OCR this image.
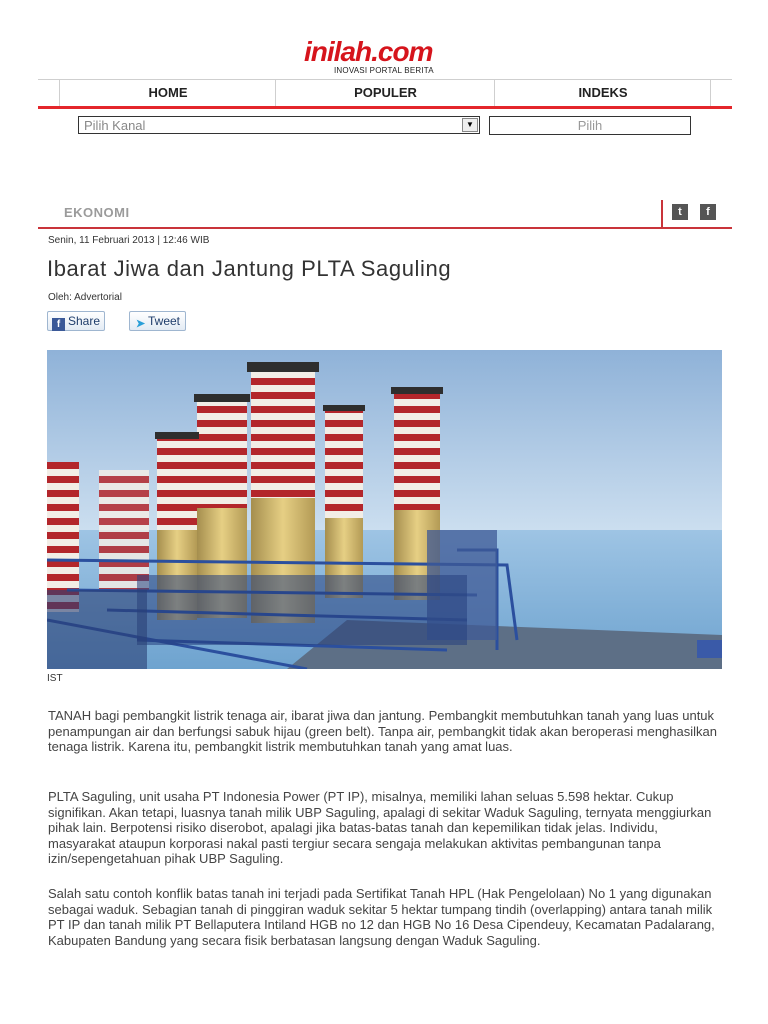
inilah.com
INOVASI PORTAL BERITA
HOME	POPULER	INDEKS
Pilih Kanal	▼	Pilih
EKONOMI	t	f
Senin, 11 Februari 2013 | 12:46 WIB
Ibarat Jiwa dan Jantung PLTA Saguling
Oleh: Advertorial
f Share	➤ Tweet
IST

TANAH bagi pembangkit listrik tenaga air, ibarat jiwa dan jantung. Pembangkit membutuhkan tanah yang luas untuk penampungan air dan berfungsi sabuk hijau (green belt). Tanpa air, pembangkit tidak akan beroperasi menghasilkan tenaga listrik. Karena itu, pembangkit listrik membutuhkan tanah yang amat luas.

PLTA Saguling, unit usaha PT Indonesia Power (PT IP), misalnya, memiliki lahan seluas 5.598 hektar. Cukup signifikan. Akan tetapi, luasnya tanah milik UBP Saguling, apalagi di sekitar Waduk Saguling, ternyata menggiurkan pihak lain. Berpotensi risiko diserobot, apalagi jika batas-batas tanah dan kepemilikan tidak jelas. Individu, masyarakat ataupun korporasi nakal pasti tergiur secara sengaja melakukan aktivitas pembangunan tanpa izin/sepengetahuan pihak UBP Saguling.

Salah satu contoh konflik batas tanah ini terjadi pada Sertifikat Tanah HPL (Hak Pengelolaan) No 1 yang digunakan sebagai waduk. Sebagian tanah di pinggiran waduk sekitar 5 hektar tumpang tindih (overlapping) antara tanah milik PT IP dan tanah milik PT Bellaputera Intiland HGB no 12 dan HGB No 16 Desa Cipendeuy, Kecamatan Padalarang, Kabupaten Bandung yang secara fisik berbatasan langsung dengan Waduk Saguling.
